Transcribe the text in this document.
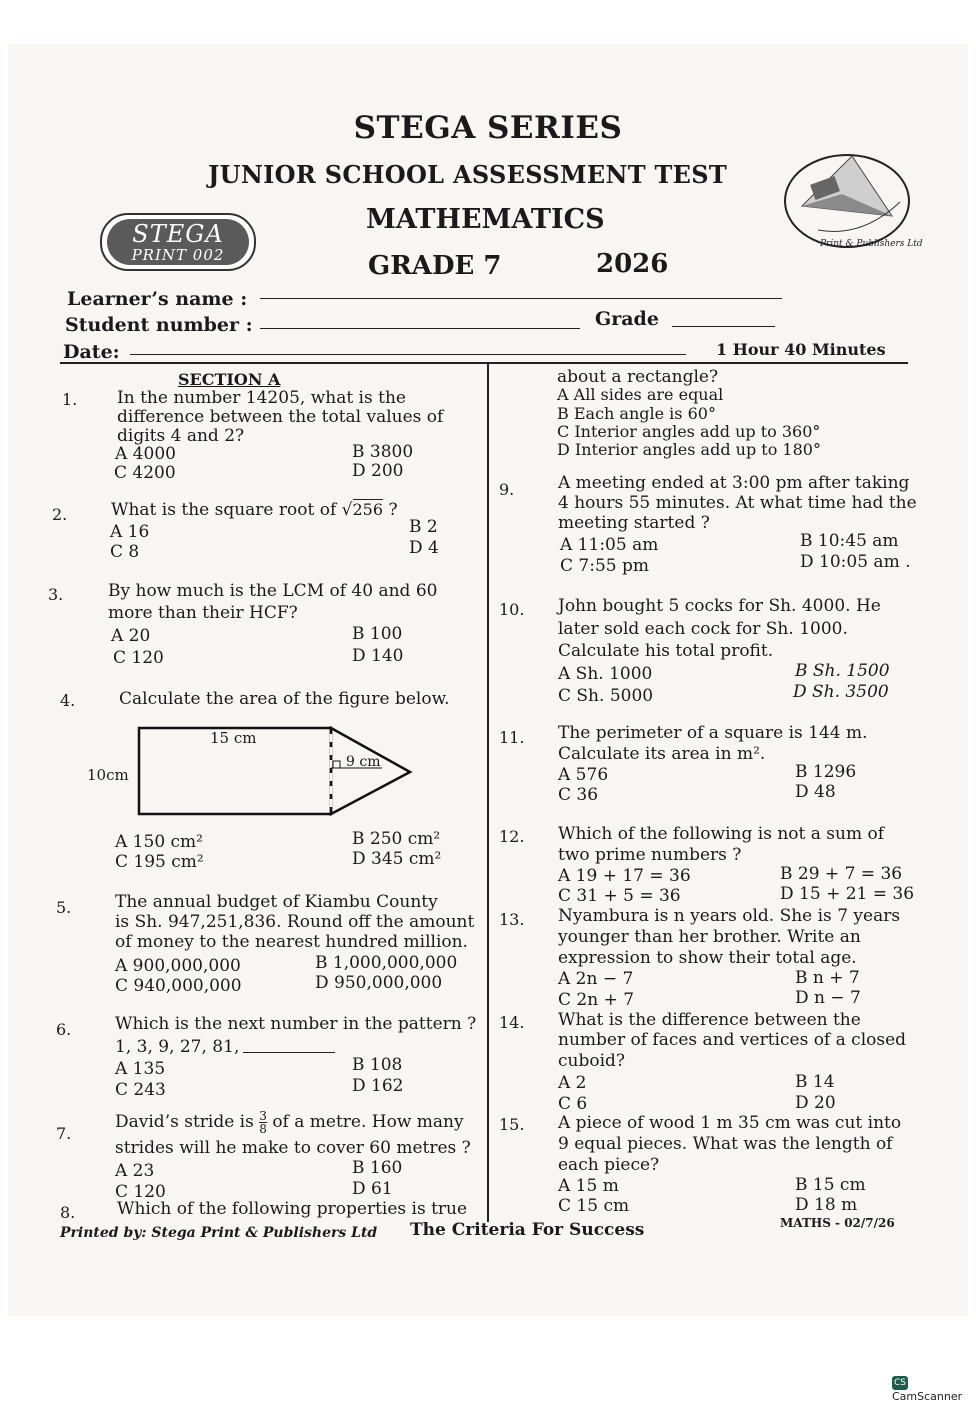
STEGA SERIES
JUNIOR SCHOOL ASSESSMENT TEST
MATHEMATICS
GRADE 7	2026
STEGA
PRINT 002
Print & Publishers Ltd
Learner’s name :
Student number :	Grade
Date:	1 Hour 40 Minutes
SECTION A
1. In the number 14205, what is the
difference between the total values of
digits 4 and 2?
A 4000	B 3800
C 4200	D 200
2.	What is the square root of √256 ?
A 16	B 2
C 8	D 4
3.	By how much is the LCM of 40 and 60
more than their HCF?
A 20	B 100
C 120	D 140
4.	Calculate the area of the figure below.
15 cm
10cm
9 cm
A 150 cm²	B 250 cm²
C 195 cm²	D 345 cm²
5.	The annual budget of Kiambu County
is Sh. 947,251,836. Round off the amount
of money to the nearest hundred million.
A 900,000,000	B 1,000,000,000
C 940,000,000	D 950,000,000
6.	Which is the next number in the pattern ?
1, 3, 9, 27, 81,
A 135	B 108
C 243	D 162
7.
David’s stride is $\frac{3}{8}$ of a metre. How many
strides will he make to cover 60 metres ?
A 23	B 160
C 120	D 61
8. Which of the following properties is true
about a rectangle?
A All sides are equal
B Each angle is 60°
C Interior angles add up to 360°
D Interior angles add up to 180°
9.	A meeting ended at 3:00 pm after taking
4 hours 55 minutes. At what time had the
meeting started ?
A 11:05 am	B 10:45 am
C 7:55 pm	D 10:05 am .
10. John bought 5 cocks for Sh. 4000. He
later sold each cock for Sh. 1000.
Calculate his total profit.
A Sh. 1000	B Sh. 1500
C Sh. 5000	D Sh. 3500
11. The perimeter of a square is 144 m.
Calculate its area in m².
A 576	B 1296
C 36	D 48
12. Which of the following is not a sum of
two prime numbers ?
A 19 + 17 = 36	B 29 + 7 = 36
C 31 + 5 = 36	D 15 + 21 = 36
13. Nyambura is n years old. She is 7 years
younger than her brother. Write an
expression to show their total age.
A 2n − 7	B n + 7
C 2n + 7	D n − 7
14. What is the difference between the
number of faces and vertices of a closed
cuboid?
A 2	B 14
C 6	D 20
15. A piece of wood 1 m 35 cm was cut into
9 equal pieces. What was the length of
each piece?
A 15 m	B 15 cm
C 15 cm	D 18 m
Printed by: Stega Print & Publishers Ltd The Criteria For Success	MATHS - 02/7/26
CSCamScanner
